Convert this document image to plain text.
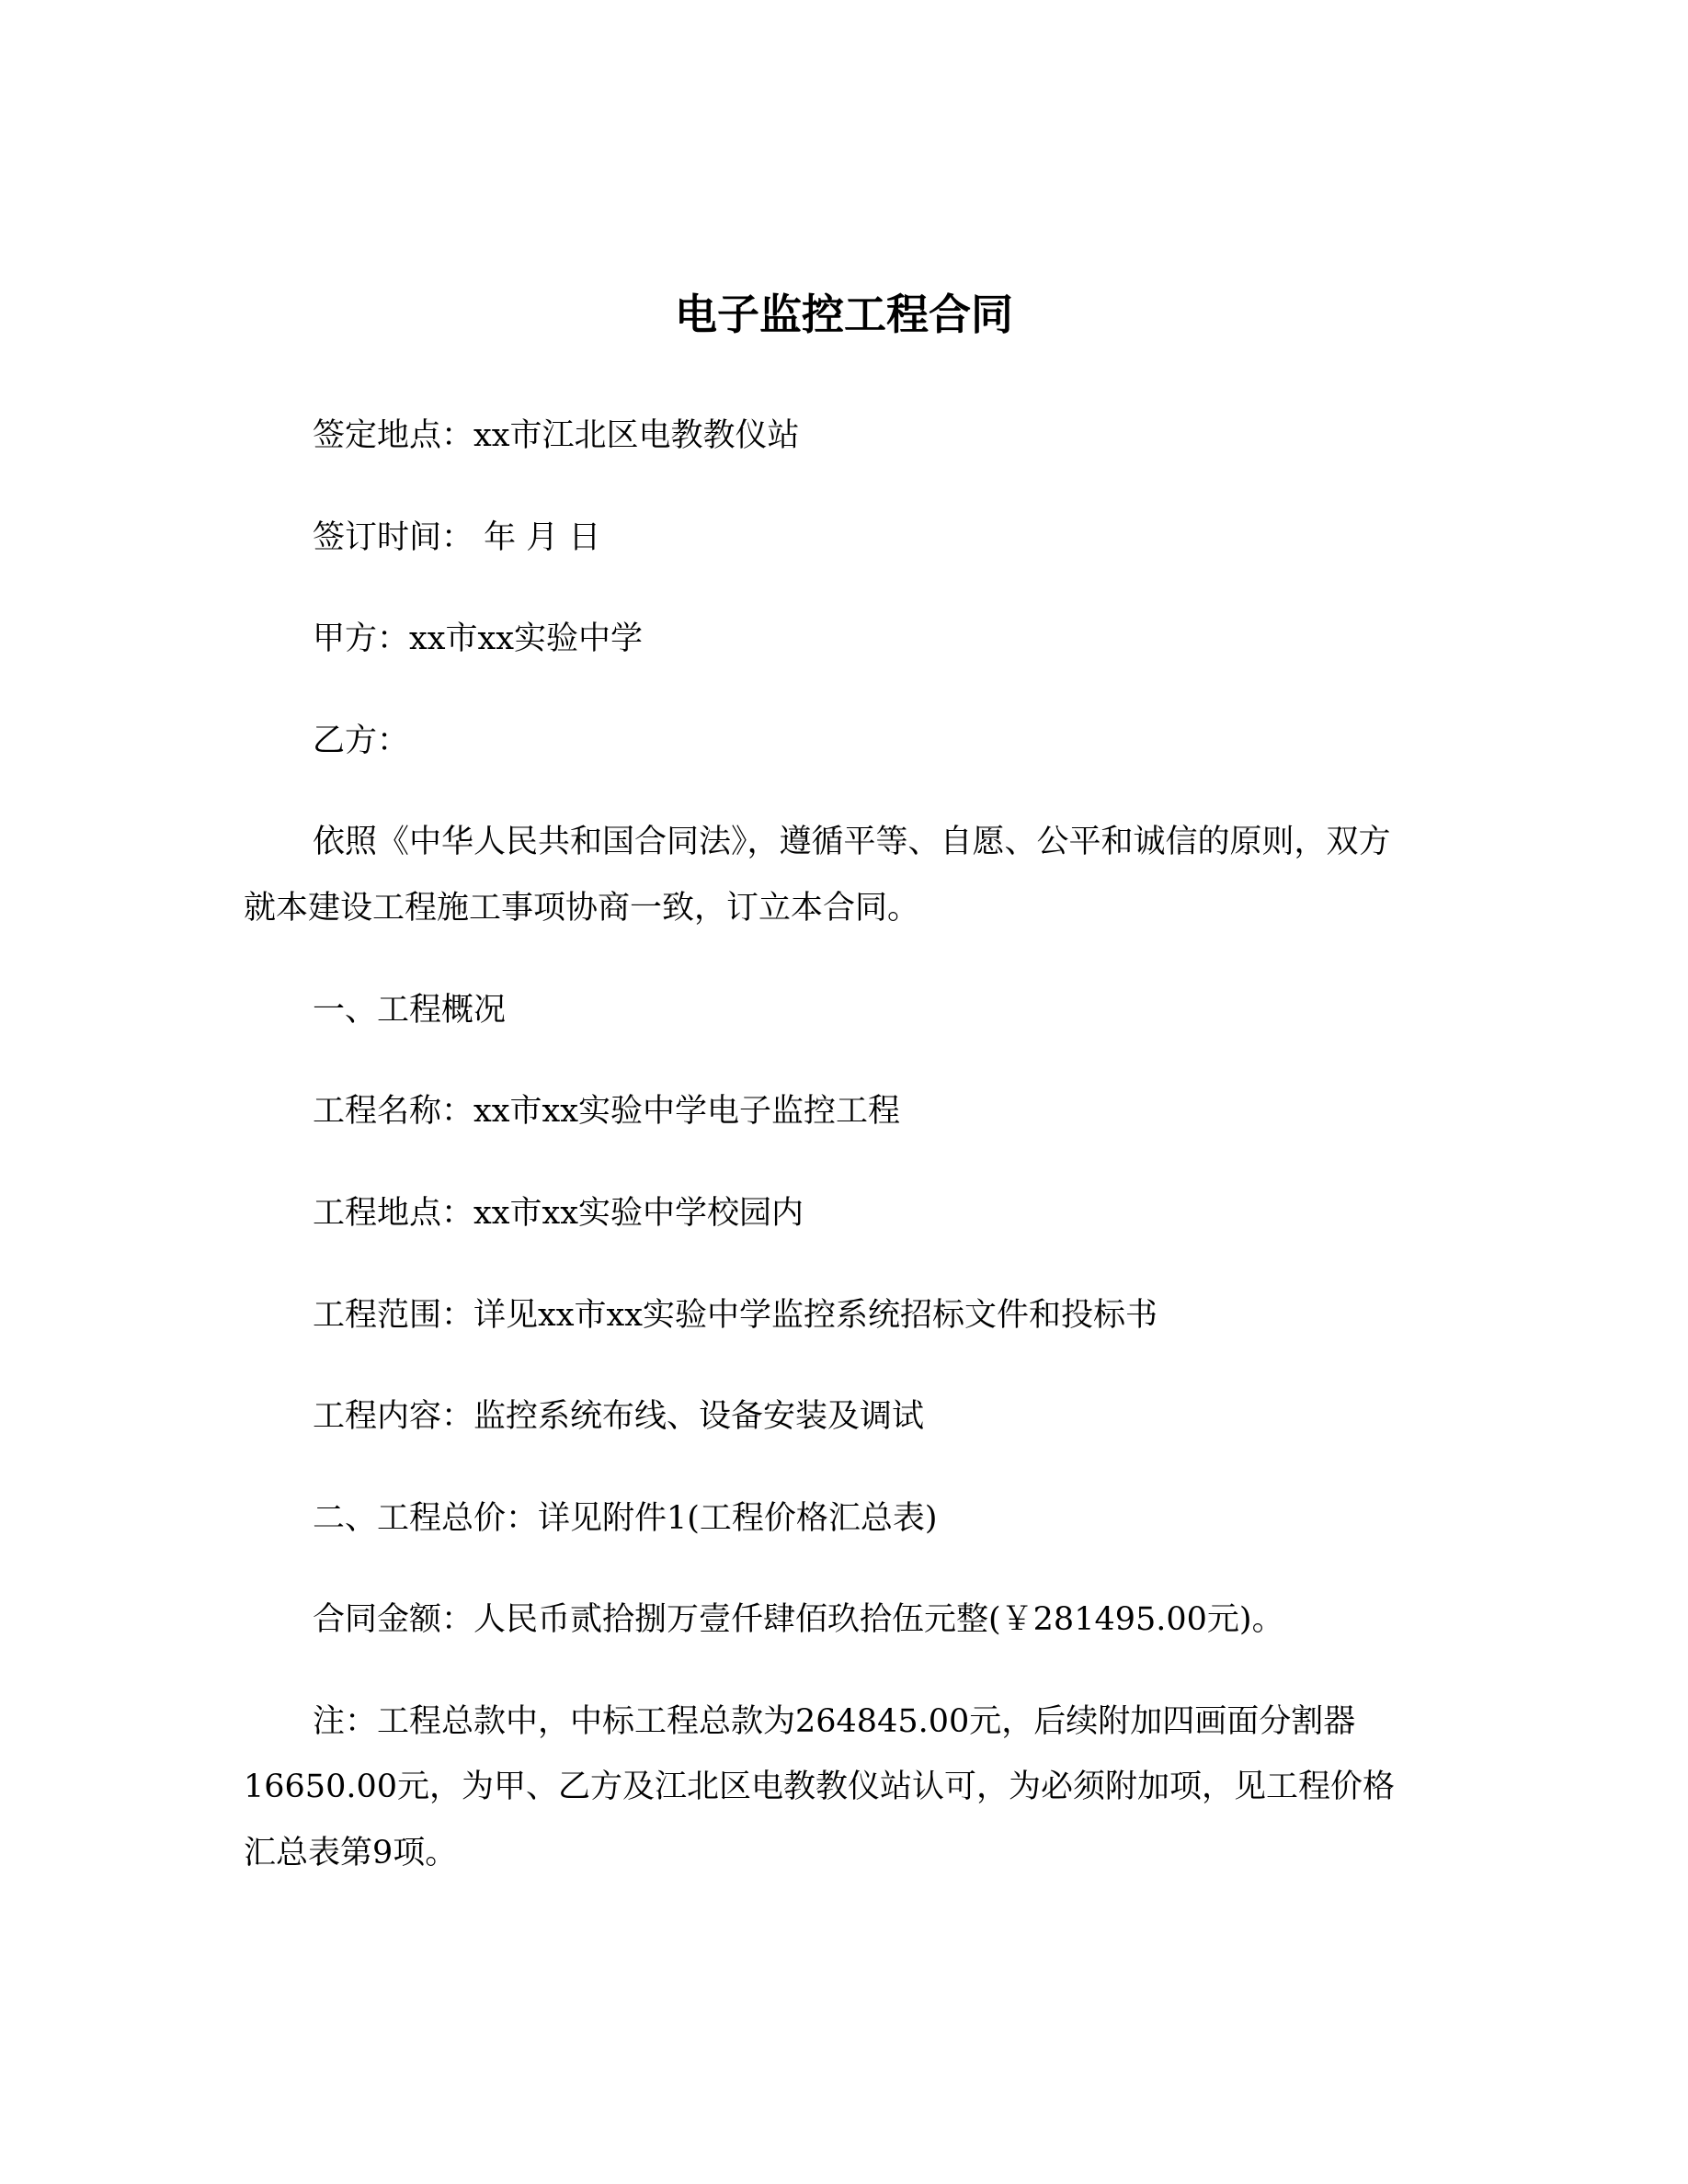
电子监控工程合同

签定地点：xx市江北区电教教仪站

签订时间： 年 月 日

甲方：xx市xx实验中学

乙方：

依照《中华人民共和国合同法》，遵循平等、自愿、公平和诚信的原则，双方

就本建设工程施工事项协商一致，订立本合同。

一、工程概况

工程名称：xx市xx实验中学电子监控工程

工程地点：xx市xx实验中学校园内

工程范围：详见xx市xx实验中学监控系统招标文件和投标书

工程内容：监控系统布线、设备安装及调试

二、工程总价：详见附件1(工程价格汇总表)

合同金额：人民币贰拾捌万壹仟肆佰玖拾伍元整(￥281495.00元)。

注：工程总款中，中标工程总款为264845.00元，后续附加四画面分割器

16650.00元，为甲、乙方及江北区电教教仪站认可，为必须附加项，见工程价格

汇总表第9项。
